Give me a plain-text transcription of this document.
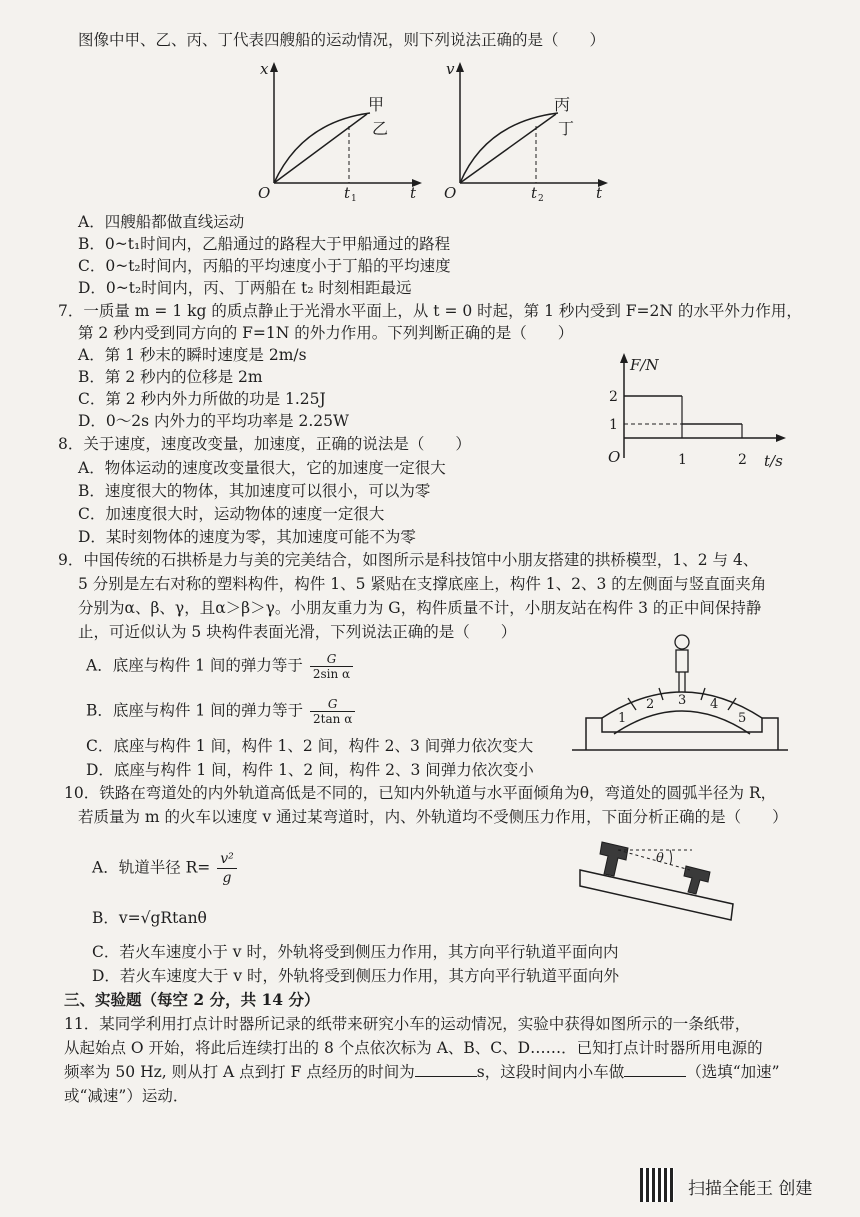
图像中甲、乙、丙、丁代表四艘船的运动情况，则下列说法正确的是（　　）
x
t
O	t 1
甲
乙
v
t
O	t 2
丙
丁
A．四艘船都做直线运动
B．0~t₁时间内，乙船通过的路程大于甲船通过的路程
C．0~t₂时间内，丙船的平均速度小于丁船的平均速度
D．0~t₂时间内，丙、丁两船在 t₂ 时刻相距最远
7．一质量 m = 1 kg 的质点静止于光滑水平面上，从 t = 0 时起，第 1 秒内受到 F=2N 的水平外力作用，
第 2 秒内受到同方向的 F=1N 的外力作用。下列判断正确的是（　　）
A．第 1 秒末的瞬时速度是 2m/s
B．第 2 秒内的位移是 2m
C．第 2 秒内外力所做的功是 1.25J
D．0～2s 内外力的平均功率是 2.25W
F/N
t/s
O
2
1
1	2
8．关于速度，速度改变量，加速度，正确的说法是（　　）
A．物体运动的速度改变量很大，它的加速度一定很大
B．速度很大的物体，其加速度可以很小，可以为零
C．加速度很大时，运动物体的速度一定很大
D．某时刻物体的速度为零，其加速度可能不为零
9．中国传统的石拱桥是力与美的完美结合，如图所示是科技馆中小朋友搭建的拱桥模型，1、2 与 4、
5 分别是左右对称的塑料构件，构件 1、5 紧贴在支撑底座上，构件 1、2、3 的左侧面与竖直面夹角
分别为α、β、γ，且α＞β＞γ。小朋友重力为 G，构件质量不计，小朋友站在构件 3 的正中间保持静
止，可近似认为 5 块构件表面光滑，下列说法正确的是（　　）
A．底座与构件 1 间的弹力等于 $\frac{G}{\text{2sin α}}$
B．底座与构件 1 间的弹力等于 $\frac{G}{\text{2tan α}}$
C．底座与构件 1 间，构件 1、2 间，构件 2、3 间弹力依次变大
D．底座与构件 1 间，构件 1、2 间，构件 2、3 间弹力依次变小
1
2 3 4
5
10．铁路在弯道处的内外轨道高低是不同的，已知内外轨道与水平面倾角为θ，弯道处的圆弧半径为 R，
若质量为 m 的火车以速度 v 通过某弯道时，内、外轨道均不受侧压力作用，下面分析正确的是（　　）
A．轨道半径 $R= \frac{\text{v²}}{g}$
B．v=√gRtanθ
C．若火车速度小于 v 时，外轨将受到侧压力作用，其方向平行轨道平面向内
D．若火车速度大于 v 时，外轨将受到侧压力作用，其方向平行轨道平面向外
θ
三、实验题（每空 2 分，共 14 分）
11．某同学利用打点计时器所记录的纸带来研究小车的运动情况，实验中获得如图所示的一条纸带，
从起始点 O 开始，将此后连续打出的 8 个点依次标为 A、B、C、D……．已知打点计时器所用电源的
频率为 50 Hz, 则从打 A 点到打 F 点经历的时间为	s，这段时间内小车做	（选填“加速”
或“减速”）运动．
扫描全能王 创建
